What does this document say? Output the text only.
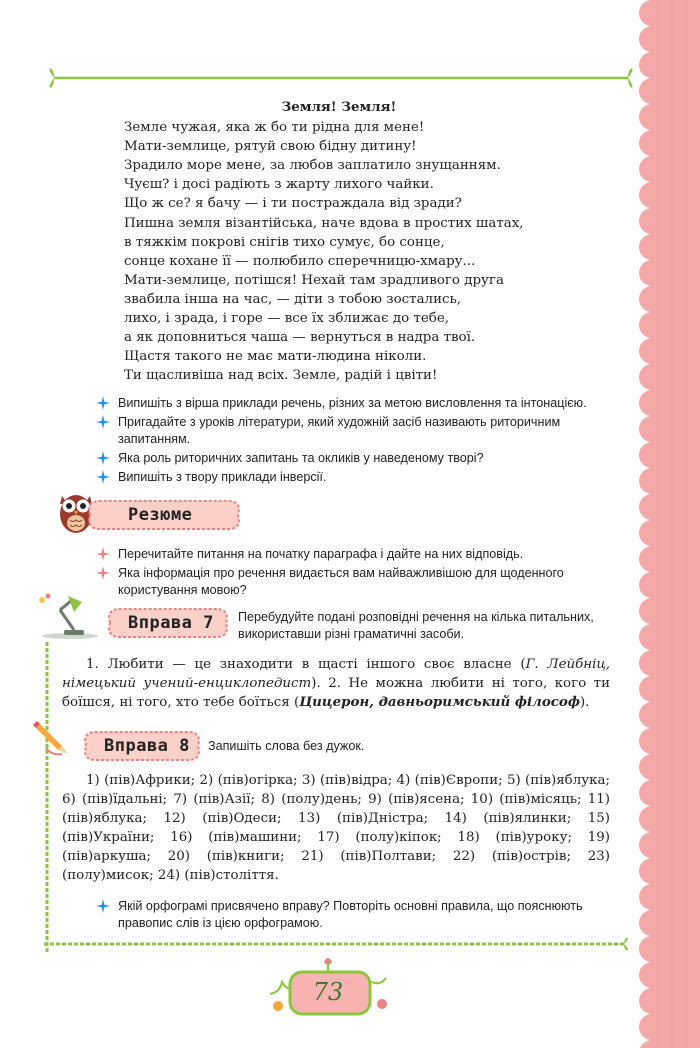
Земля! Земля!
Земле чужая, яка ж бо ти рідна для мене!
Мати-землице, рятуй свою бідну дитину!
Зрадило море мене, за любов заплатило знущанням.
Чуєш? і досі радіють з жарту лихого чайки.
Що ж се? я бачу — і ти постраждала від зради?
Пишна земля візантійська, наче вдова в простих шатах,
в тяжкім покрові снігів тихо сумує, бо сонце,
сонце кохане її — полюбило сперечницю-хмару...
Мати-землице, потішся! Нехай там зрадливого друга
звабила інша на час, — діти з тобою зостались,
лихо, і зрада, і горе — все їх зближає до тебе,
а як доповниться чаша — вернуться в надра твої.
Щастя такого не має мати-людина ніколи.
Ти щасливіша над всіх. Земле, радій і цвіти!
Випишіть з вірша приклади речень, різних за метою висловлення та інтонацією.
Пригадайте з уроків літератури, який художній засіб називають риторичним запитанням.
Яка роль риторичних запитань та окликів у наведеному творі?
Випишіть з твору приклади інверсії.
Резюме
Перечитайте питання на початку параграфа і дайте на них відповідь.
Яка інформація про речення видається вам найважливішою для щоденного користування мовою?
Вправа 7 Перебудуйте подані розповідні речення на кілька питальних, використавши різні граматичні засоби.
1. Любити — це знаходити в щасті іншого своє власне (Г. Лейбніц, німецький учений-енциклопедист). 2. Не можна любити ні того, кого ти боїшся, ні того, хто тебе боїться (Цицерон, давньоримський філософ).
Вправа 8 Запишіть слова без дужок.
1) (пів)Африки; 2) (пів)огірка; 3) (пів)відра; 4) (пів)Європи; 5) (пів)яблука; 6) (пів)їдальні; 7) (пів)Азії; 8) (полу)день; 9) (пів)ясена; 10) (пів)місяць; 11) (пів)яблука; 12) (пів)Одеси; 13) (пів)Дністра; 14) (пів)ялинки; 15) (пів)України; 16) (пів)машини; 17) (полу)кіпок; 18) (пів)уроку; 19) (пів)аркуша; 20) (пів)книги; 21) (пів)Полтави; 22) (пів)острів; 23) (полу)мисок; 24) (пів)століття.
Якій орфограмі присвячено вправу? Повторіть основні правила, що пояснюють правопис слів із цією орфограмою.
73
